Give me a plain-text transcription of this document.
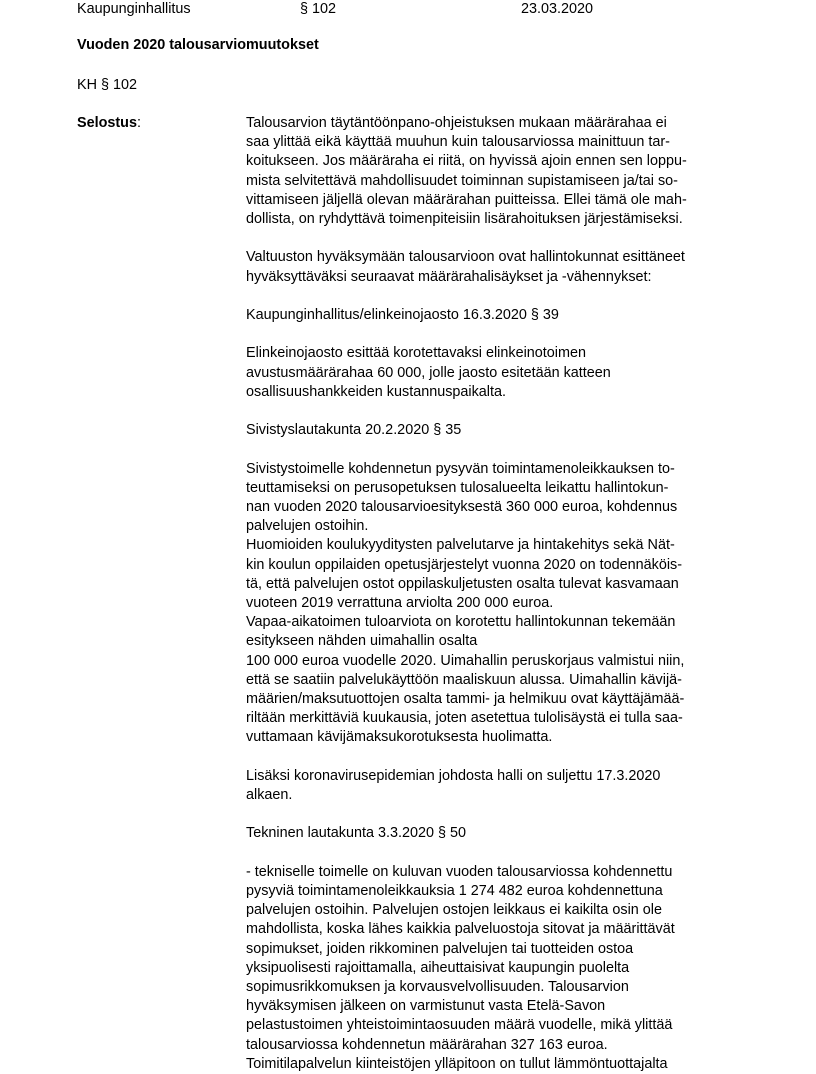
Kaupunginhallitus	§ 102	23.03.2020
Vuoden 2020 talousarviomuutokset
KH § 102
Selostus:	Talousarvion täytäntöönpano-ohjeistuksen mukaan määrärahaa ei
saa ylittää eikä käyttää muuhun kuin talousarviossa mainittuun tar-
koitukseen. Jos määräraha ei riitä, on hyvissä ajoin ennen sen loppu-
mista selvitettävä mahdollisuudet toiminnan supistamiseen ja/tai so-
vittamiseen jäljellä olevan määrärahan puitteissa. Ellei tämä ole mah-
dollista, on ryhdyttävä toimenpiteisiin lisärahoituksen järjestämiseksi.
Valtuuston hyväksymään talousarvioon ovat hallintokunnat esittäneet
hyväksyttäväksi seuraavat määrärahalisäykset ja -vähennykset:
Kaupunginhallitus/elinkeinojaosto 16.3.2020 § 39
Elinkeinojaosto esittää korotettavaksi elinkeinotoimen
avustusmäärärahaa 60 000, jolle jaosto esitetään katteen
osallisuushankkeiden kustannuspaikalta.
Sivistyslautakunta 20.2.2020 § 35
Sivistystoimelle kohdennetun pysyvän toimintamenoleikkauksen to-
teuttamiseksi on perusopetuksen tulosalueelta leikattu hallintokun-
nan vuoden 2020 talousarvioesityksestä 360 000 euroa, kohdennus
palvelujen ostoihin.
Huomioiden koulukyyditysten palvelutarve ja hintakehitys sekä Nät-
kin koulun oppilaiden opetusjärjestelyt vuonna 2020 on todennäköis-
tä, että palvelujen ostot oppilaskuljetusten osalta tulevat kasvamaan
vuoteen 2019 verrattuna arviolta 200 000 euroa.
Vapaa-aikatoimen tuloarviota on korotettu hallintokunnan tekemään
esitykseen nähden uimahallin osalta
100 000 euroa vuodelle 2020. Uimahallin peruskorjaus valmistui niin,
että se saatiin palvelukäyttöön maaliskuun alussa. Uimahallin kävijä-
määrien/maksutuottojen osalta tammi- ja helmikuu ovat käyttäjämää-
riltään merkittäviä kuukausia, joten asetettua tulolisäystä ei tulla saa-
vuttamaan kävijämaksukorotuksesta huolimatta.
Lisäksi koronavirusepidemian johdosta halli on suljettu 17.3.2020
alkaen.
Tekninen lautakunta 3.3.2020 § 50
- tekniselle toimelle on kuluvan vuoden talousarviossa kohdennettu
pysyviä toimintamenoleikkauksia 1 274 482 euroa kohdennettuna
palvelujen ostoihin. Palvelujen ostojen leikkaus ei kaikilta osin ole
mahdollista, koska lähes kaikkia palveluostoja sitovat ja määrittävät
sopimukset, joiden rikkominen palvelujen tai tuotteiden ostoa
yksipuolisesti rajoittamalla, aiheuttaisivat kaupungin puolelta
sopimusrikkomuksen ja korvausvelvollisuuden. Talousarvion
hyväksymisen jälkeen on varmistunut vasta Etelä-Savon
pelastustoimen yhteistoimintaosuuden määrä vuodelle, mikä ylittää
talousarviossa kohdennetun määrärahan 327 163 euroa.
Toimitilapalvelun kiinteistöjen ylläpitoon on tullut lämmöntuottajalta
